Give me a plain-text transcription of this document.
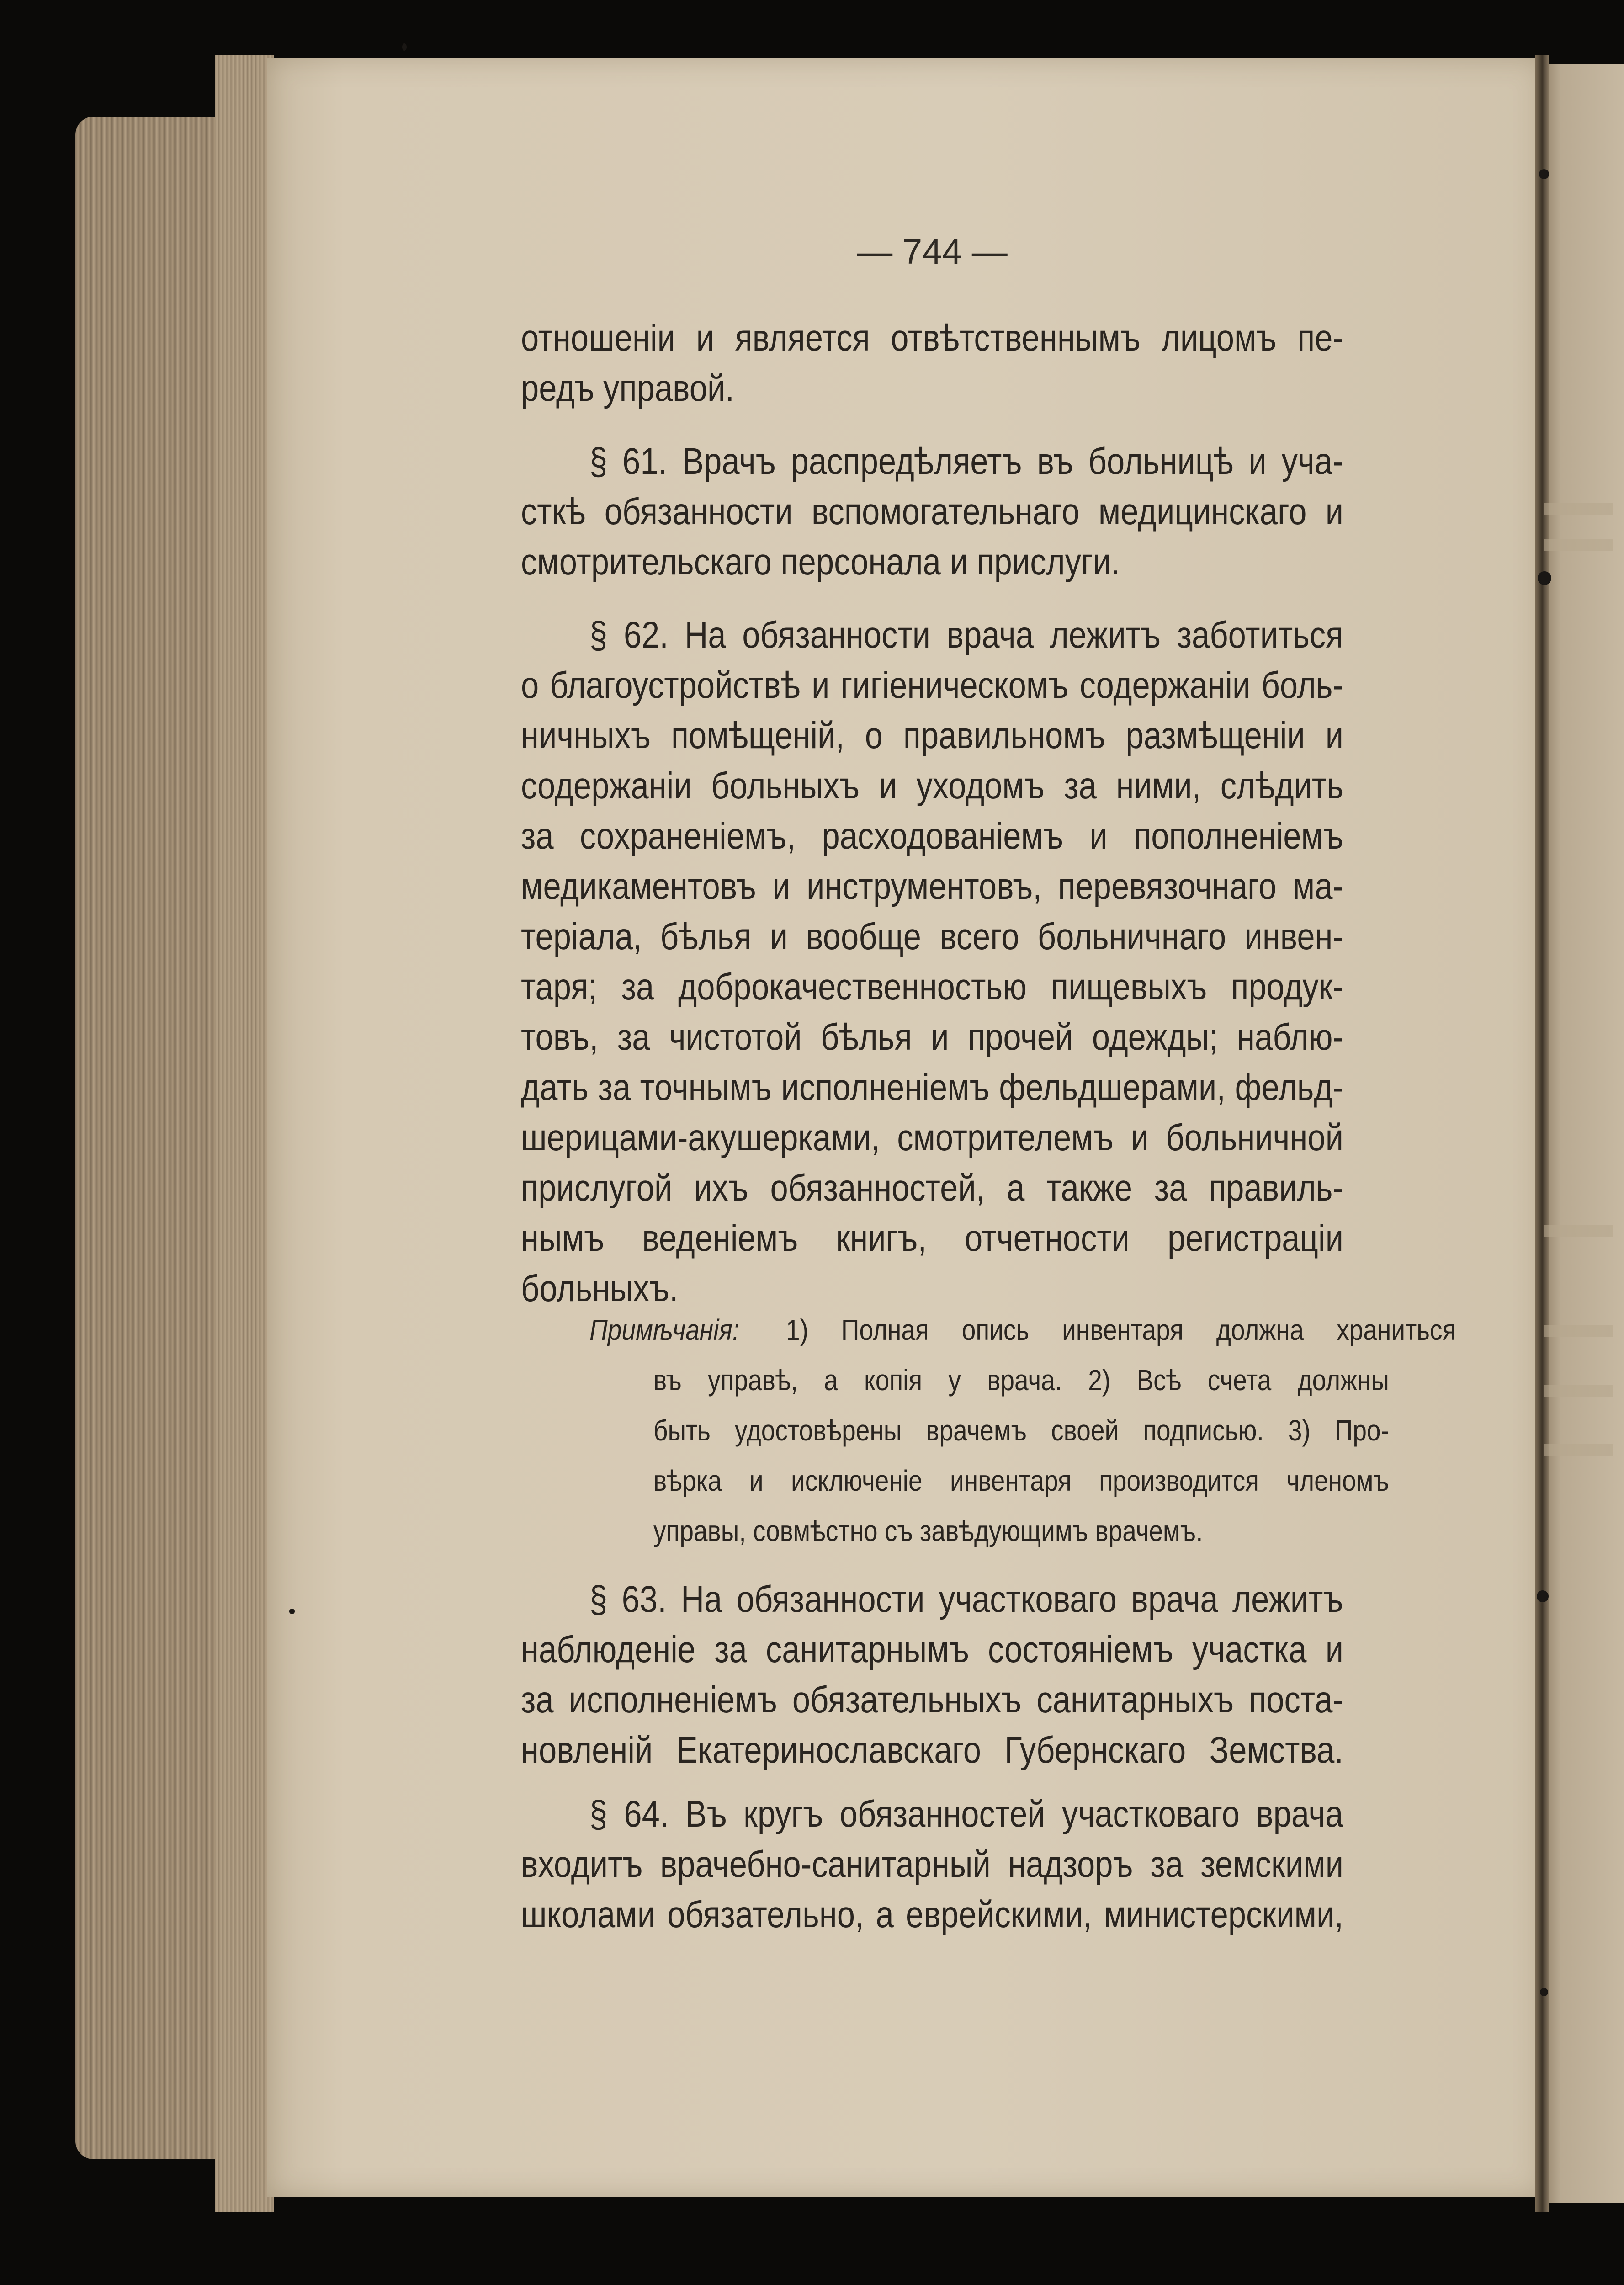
— 744 —
отношенiи и является отвѣтственнымъ лицомъ пе-
редъ управой.
§ 61. Врачъ распредѣляетъ въ больницѣ и уча-
сткѣ обязанности вспомогательнаго медицинскаго и
смотрительскаго персонала и прислуги.
§ 62. На обязанности врача лежитъ заботиться
о благоустройствѣ и гигiеническомъ содержанiи боль-
ничныхъ помѣщенiй, о правильномъ размѣщенiи и
содержанiи больныхъ и уходомъ за ними, слѣдить
за сохраненiемъ, расходованiемъ и пополненiемъ
медикаментовъ и инструментовъ, перевязочнаго ма-
терiала, бѣлья и вообще всего больничнаго инвен-
таря; за доброкачественностью пищевыхъ продук-
товъ, за чистотой бѣлья и прочей одежды; наблю-
дать за точнымъ исполненiемъ фельдшерами, фельд-
шерицами-акушерками, смотрителемъ и больничной
прислугой ихъ обязанностей, а также за правиль-
нымъ веденiемъ книгъ, отчетности регистрацiи
больныхъ.
Примѣчанiя: 1) Полная опись инвентаря должна храниться
въ управѣ, а копiя у врача. 2) Всѣ счета должны
быть удостовѣрены врачемъ своей подписью. 3) Про-
вѣрка и исключенiе инвентаря производится членомъ
управы, совмѣстно съ завѣдующимъ врачемъ.
§ 63. На обязанности участковаго врача лежитъ
наблюденiе за санитарнымъ состоянiемъ участка и
за исполненiемъ обязательныхъ санитарныхъ поста-
новленiй Екатеринославскаго Губернскаго Земства.
§ 64. Въ кругъ обязанностей участковаго врача
входитъ врачебно-санитарный надзоръ за земскими
школами обязательно, а еврейскими, министерскими,
